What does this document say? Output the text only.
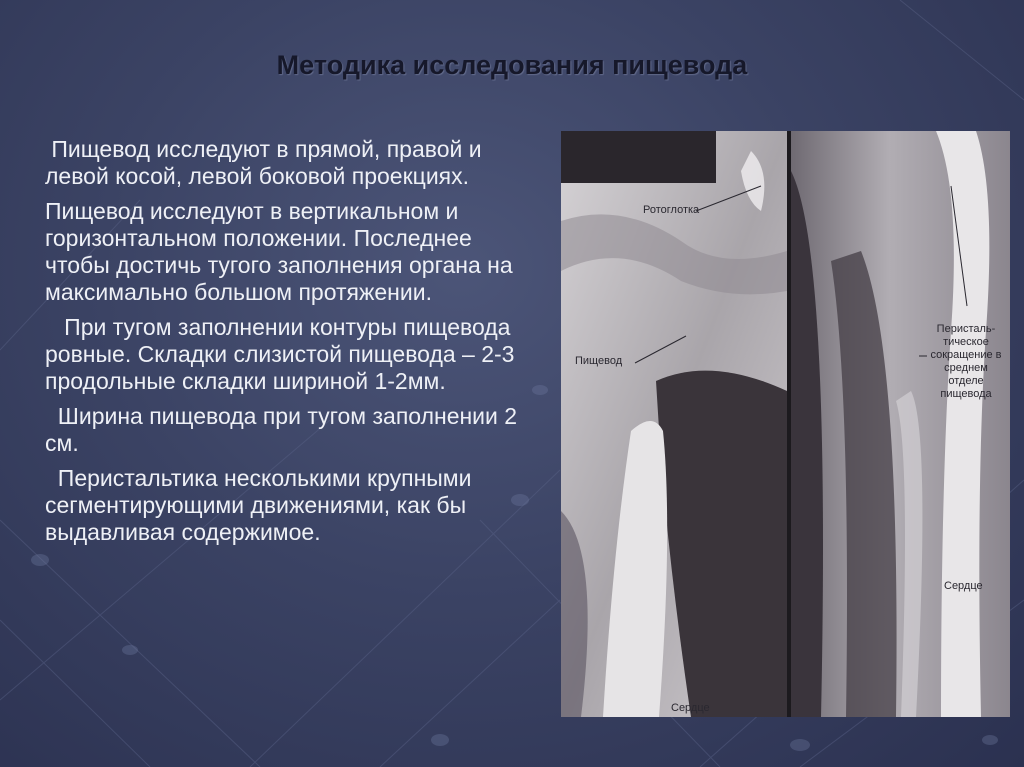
Методика исследования пищевода

Пищевод исследуют в прямой, правой и левой косой, левой боковой проекциях.

Пищевод исследуют в вертикальном и горизонтальном положении. Последнее чтобы достичь тугого заполнения органа на максимально большом протяжении.

При тугом заполнении контуры пищевода ровные. Складки слизистой пищевода – 2-3 продольные складки шириной 1-2мм.

Ширина пищевода при тугом заполнении 2 см.

Перистальтика несколькими крупными сегментирующими движениями, как бы выдавливая содержимое.

Ротоглотка
Пищевод
Сердце
Перисталь-тическое сокращение в среднем отделе пищевода
Сердце
